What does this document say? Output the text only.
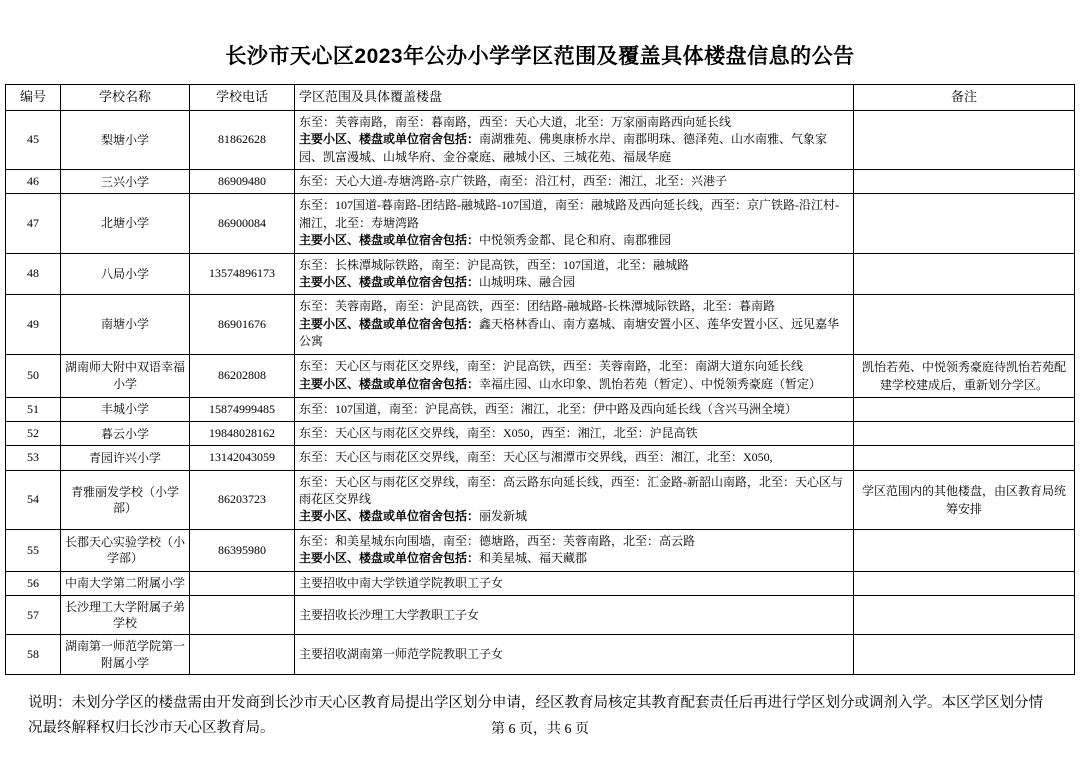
长沙市天心区2023年公办小学学区范围及覆盖具体楼盘信息的公告
编号	学校名称	学校电话	学区范围及具体覆盖楼盘	备注
45	梨塘小学	81862628	东至：芙蓉南路，南至：暮南路，西至：天心大道，北至：万家丽南路西向延长线
主要小区、楼盘或单位宿舍包括：南湖雅苑、佛奥康桥水岸、南郡明珠、德泽苑、山水南雅、气象家园、凯富漫城、山城华府、金谷豪庭、融城小区、三城花苑、福晟华庭	
46	三兴小学	86909480	东至：天心大道-寿塘湾路-京广铁路，南至：沿江村，西至：湘江，北至：兴港子	

47	北塘小学	86900084	东至：107国道-暮南路-团结路-融城路-107国道，南至：融城路及西向延长线，西至：京广铁路-沿江村-湘江，北至：寿塘湾路
主要小区、楼盘或单位宿舍包括：中悦领秀金都、昆仑和府、南郡雅园	
48	八局小学	13574896173	东至：长株潭城际铁路，南至：沪昆高铁，西至：107国道，北至：融城路
主要小区、楼盘或单位宿舍包括：山城明珠、融合园	
49	南塘小学	86901676	东至：芙蓉南路，南至：沪昆高铁，西至：团结路-融城路-长株潭城际铁路，北至：暮南路
主要小区、楼盘或单位宿舍包括：鑫天格林香山、南方嘉城、南塘安置小区、莲华安置小区、远见嘉华公寓	
50	湖南师大附中双语幸福小学	86202808	东至：天心区与雨花区交界线，南至：沪昆高铁，西至：芙蓉南路，北至：南湖大道东向延长线
主要小区、楼盘或单位宿舍包括：幸福庄园、山水印象、凯怡若苑（暂定）、中悦领秀豪庭（暂定）	凯怡若苑、中悦领秀豪庭待凯怡若苑配建学校建成后，重新划分学区。
51	丰城小学	15874999485	东至：107国道，南至：沪昆高铁，西至：湘江，北至：伊中路及西向延长线（含兴马洲全境）	

52	暮云小学	19848028162	东至：天心区与雨花区交界线，南至：X050，西至：湘江，北至：沪昆高铁	

53	青园许兴小学	13142043059	东至：天心区与雨花区交界线，南至：天心区与湘潭市交界线，西至：湘江，北至：X050,	

54	青雅丽发学校（小学部）	86203723	东至：天心区与雨花区交界线，南至：高云路东向延长线，西至：汇金路-新韶山南路，北至：天心区与雨花区交界线
主要小区、楼盘或单位宿舍包括：丽发新城	学区范围内的其他楼盘，由区教育局统筹安排
55	长郡天心实验学校（小学部）	86395980	东至：和美星城东向围墙，南至：德塘路，西至：芙蓉南路，北至：高云路
主要小区、楼盘或单位宿舍包括：和美星城、福天藏郡	
56	中南大学第二附属小学		主要招收中南大学铁道学院教职工子女	

57	长沙理工大学附属子弟学校		主要招收长沙理工大学教职工子女	

58	湖南第一师范学院第一附属小学		主要招收湖南第一师范学院教职工子女	

说明：未划分学区的楼盘需由开发商到长沙市天心区教育局提出学区划分申请，经区教育局核定其教育配套责任后再进行学区划分或调剂入学。本区学区划分情况最终解释权归长沙市天心区教育局。	第 6 页，共 6 页
